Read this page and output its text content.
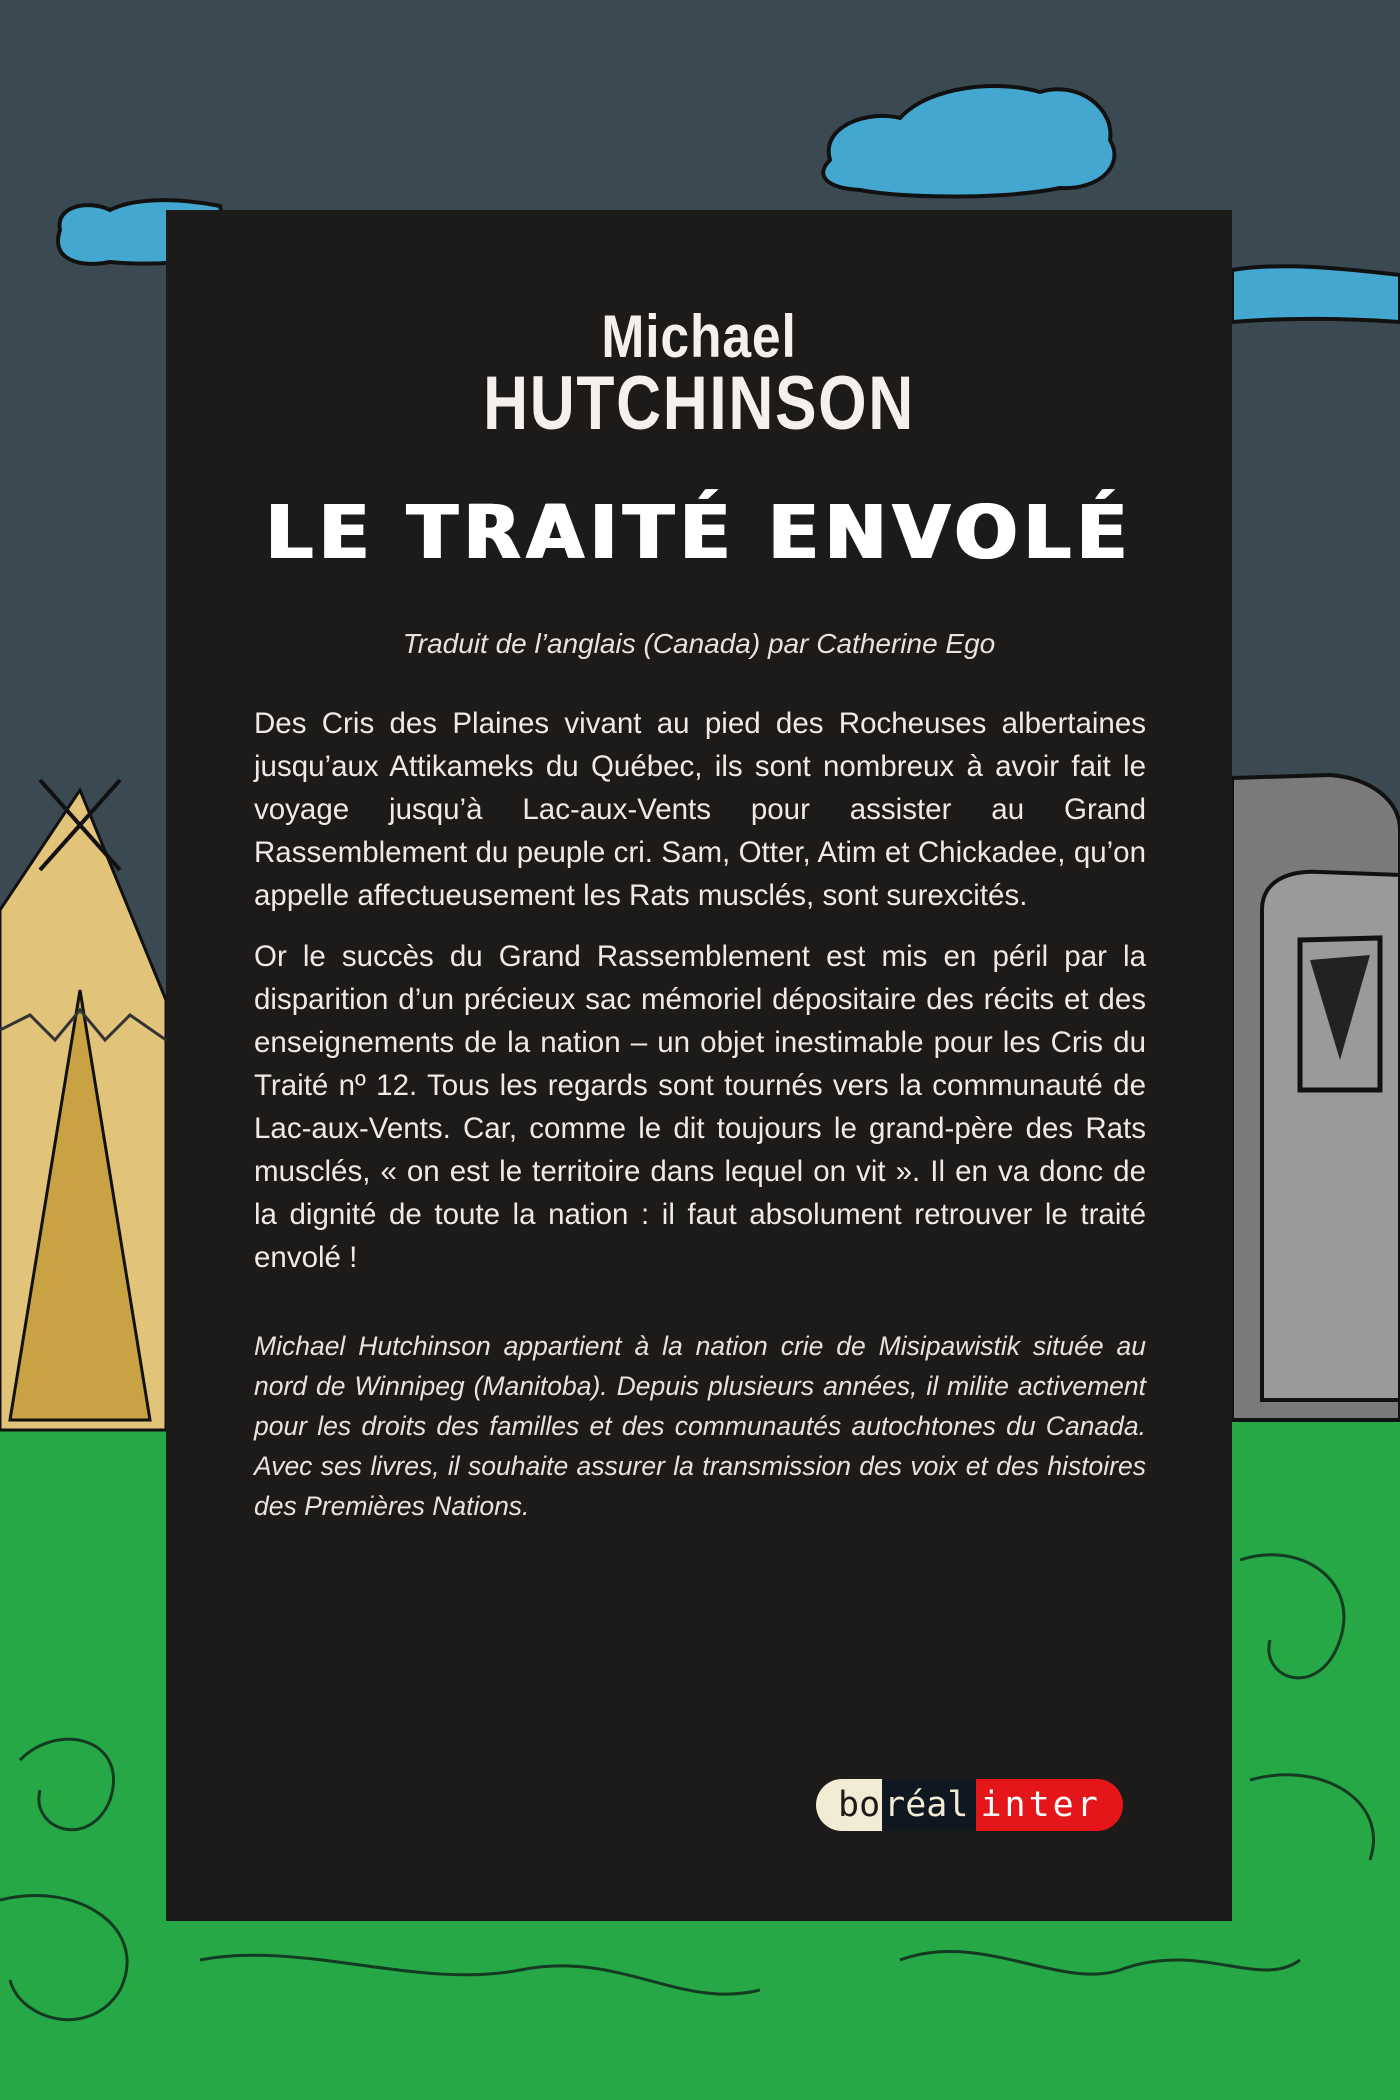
Michael
HUTCHINSON
LE TRAITÉ ENVOLÉ
Traduit de l’anglais (Canada) par Catherine Ego

Des Cris des Plaines vivant au pied des Rocheuses albertaines jusqu’aux Attikameks du Québec, ils sont nombreux à avoir fait le voyage jusqu’à Lac-aux-Vents pour assister au Grand Rassemblement du peuple cri. Sam, Otter, Atim et Chickadee, qu’on appelle affectueusement les Rats musclés, sont surexcités.

Or le succès du Grand Rassemblement est mis en péril par la disparition d’un précieux sac mémoriel dépositaire des récits et des enseignements de la nation – un objet inestimable pour les Cris du Traité nº 12. Tous les regards sont tournés vers la communauté de Lac-aux-Vents. Car, comme le dit toujours le grand-père des Rats musclés, « on est le territoire dans lequel on vit ». Il en va donc de la dignité de toute la nation : il faut absolument retrouver le traité envolé !

Michael Hutchinson appartient à la nation crie de Misipawistik située au nord de Winnipeg (Manitoba). Depuis plusieurs années, il milite activement pour les droits des familles et des communautés autochtones du Canada. Avec ses livres, il souhaite assurer la transmission des voix et des histoires des Premières Nations.
bo réal inter
